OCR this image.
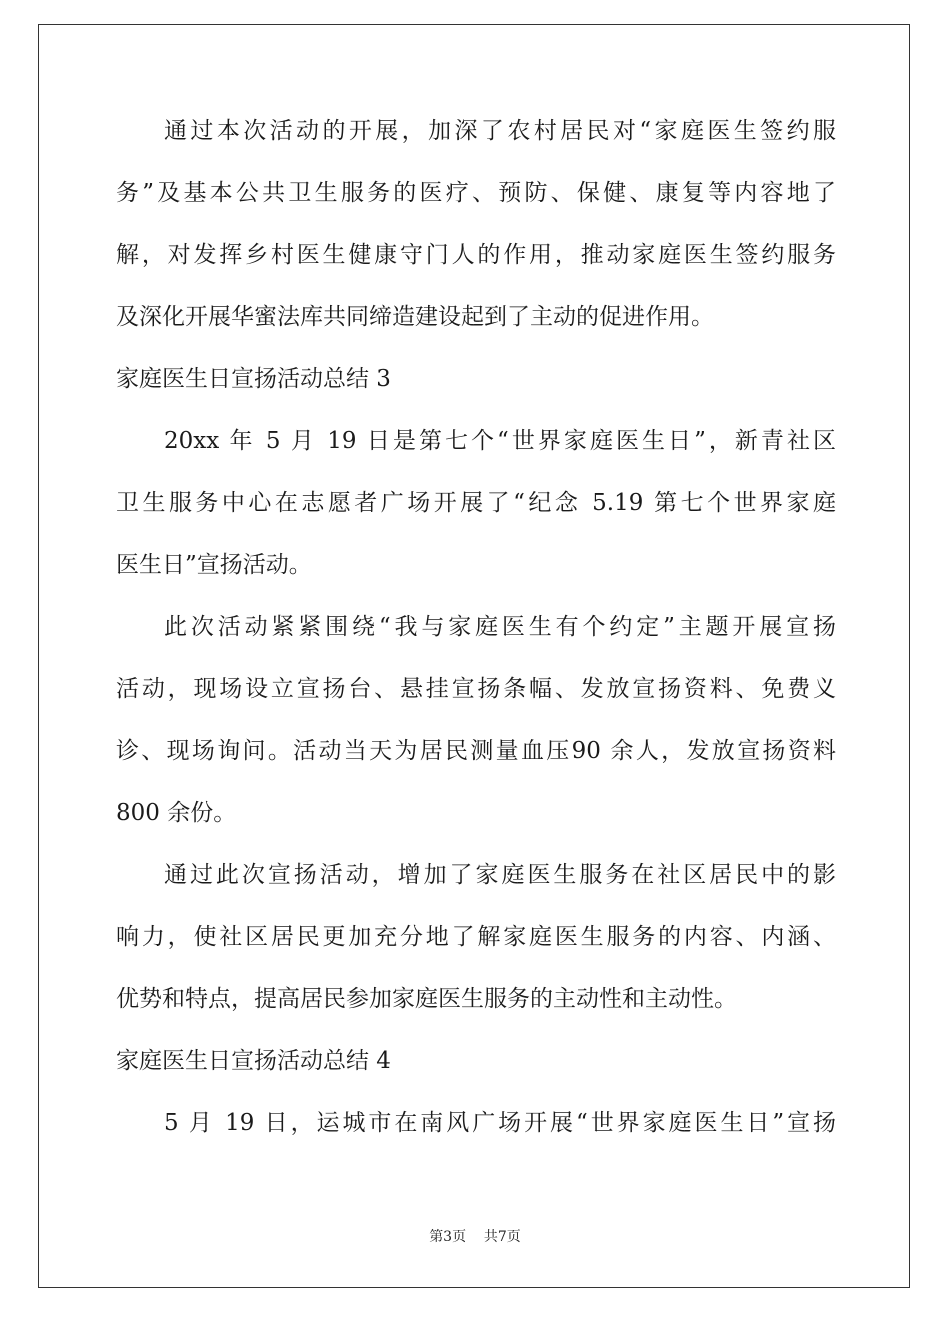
通过本次活动的开展，加深了农村居民对“家庭医生签约服
务”及基本公共卫生服务的医疗、预防、保健、康复等内容地了
解，对发挥乡村医生健康守门人的作用，推动家庭医生签约服务
及深化开展华蜜法库共同缔造建设起到了主动的促进作用。
家庭医生日宣扬活动总结 3
20xx 年 5 月 19 日是第七个“世界家庭医生日”，新青社区
卫生服务中心在志愿者广场开展了“纪念 5.19 第七个世界家庭
医生日”宣扬活动。
此次活动紧紧围绕“我与家庭医生有个约定”主题开展宣扬
活动，现场设立宣扬台、悬挂宣扬条幅、发放宣扬资料、免费义
诊、现场询问。活动当天为居民测量血压90 余人，发放宣扬资料
800 余份。
通过此次宣扬活动，增加了家庭医生服务在社区居民中的影
响力，使社区居民更加充分地了解家庭医生服务的内容、内涵、
优势和特点，提高居民参加家庭医生服务的主动性和主动性。
家庭医生日宣扬活动总结 4
5 月 19 日，运城市在南风广场开展“世界家庭医生日”宣扬
第3页    共7页
